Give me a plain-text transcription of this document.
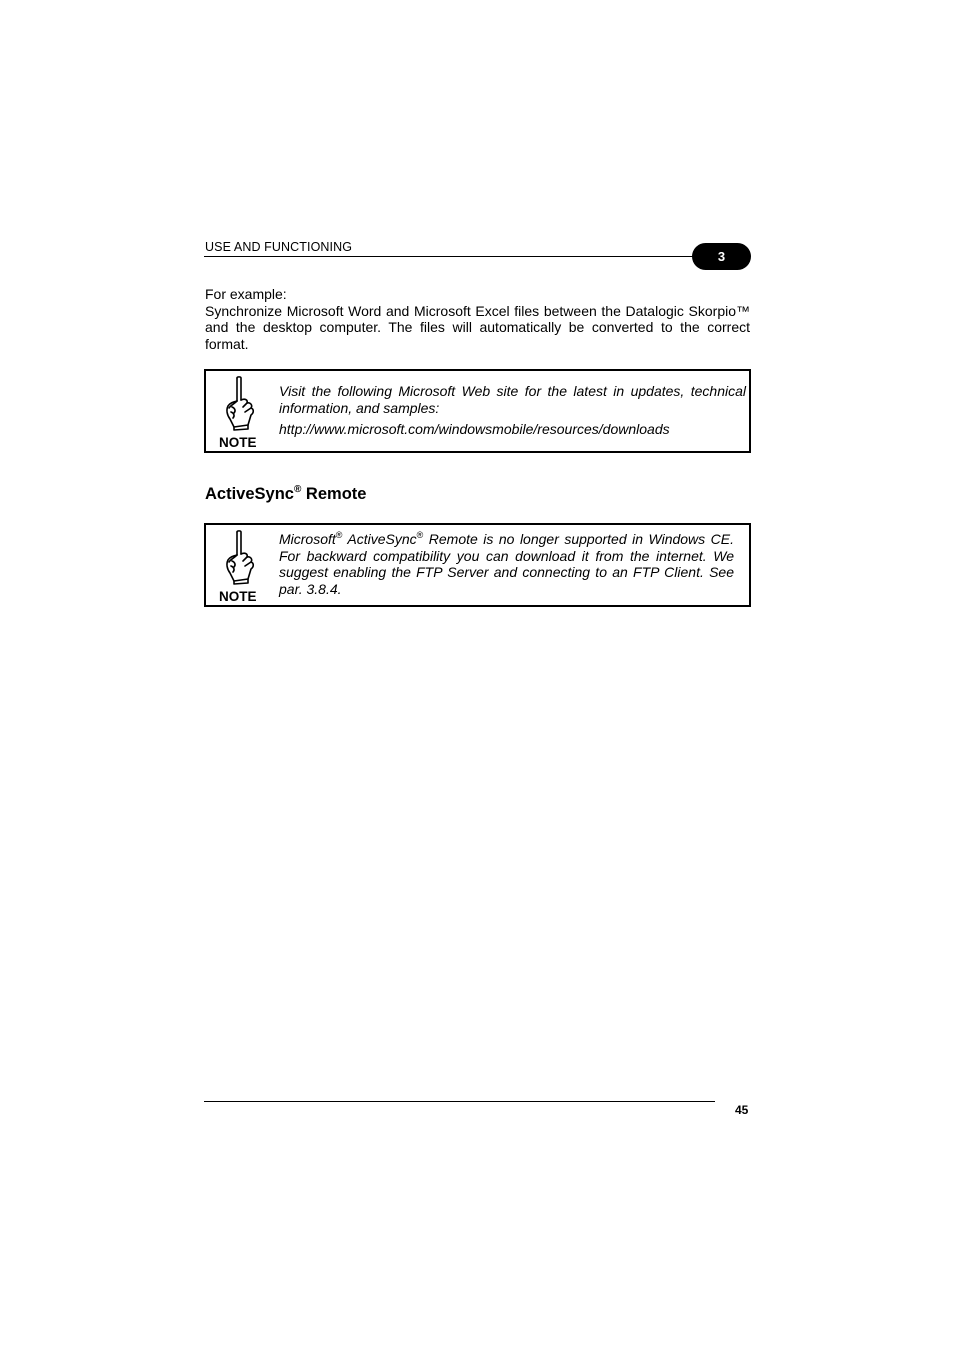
USE AND FUNCTIONING
3
For example:
Synchronize Microsoft Word and Microsoft Excel files between the Datalogic Skorpio™ and the desktop computer. The files will automatically be converted to the correct format.
NOTE
Visit the following Microsoft Web site for the latest in updates, technical information, and samples:
http://www.microsoft.com/windowsmobile/resources/downloads
ActiveSync® Remote
NOTE
Microsoft® ActiveSync® Remote is no longer supported in Windows CE. For backward compatibility you can download it from the internet. We suggest enabling the FTP Server and connecting to an FTP Client. See par. 3.8.4.
45
